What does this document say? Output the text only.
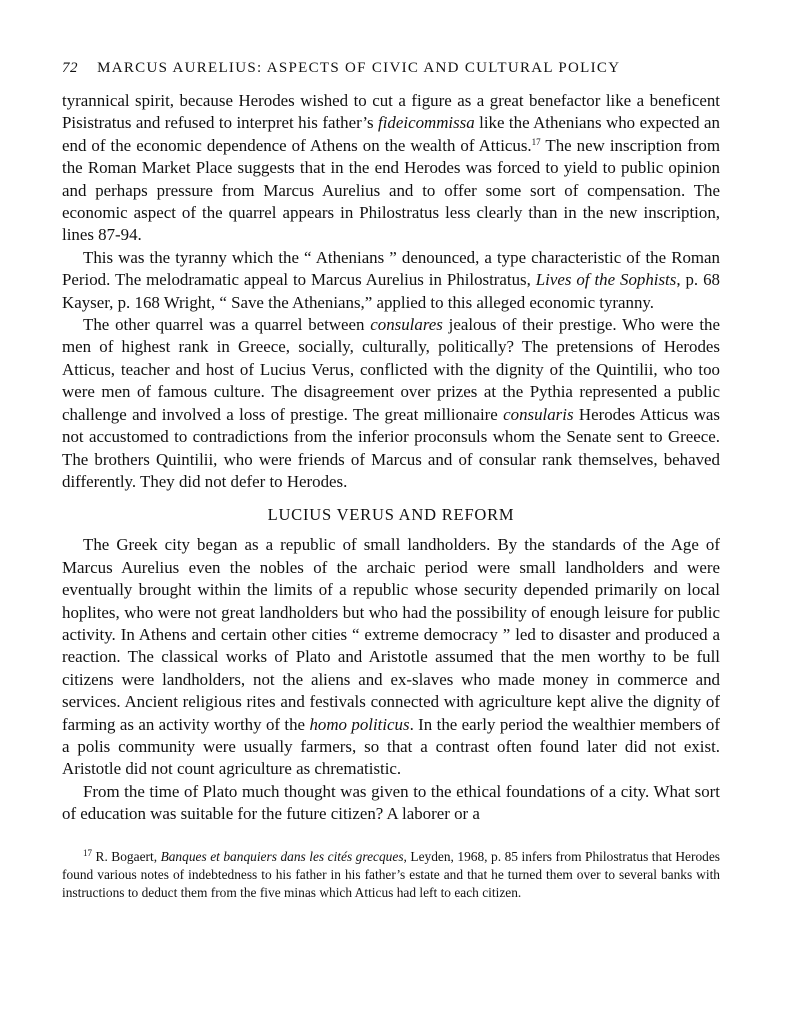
72 MARCUS AURELIUS: ASPECTS OF CIVIC AND CULTURAL POLICY

tyrannical spirit, because Herodes wished to cut a figure as a great benefactor like a beneficent Pisistratus and refused to interpret his father’s fideicommissa like the Athenians who expected an end of the economic dependence of Athens on the wealth of Atticus.$^{17}$ The new inscription from the Roman Market Place suggests that in the end Herodes was forced to yield to public opinion and perhaps pressure from Marcus Aurelius and to offer some sort of compensation. The economic aspect of the quarrel appears in Philostratus less clearly than in the new inscription, lines 87-94.

This was the tyranny which the “ Athenians ” denounced, a type characteristic of the Roman Period. The melodramatic appeal to Marcus Aurelius in Philostratus, Lives of the Sophists, p. 68 Kayser, p. 168 Wright, “ Save the Athenians,” applied to this alleged economic tyranny.

The other quarrel was a quarrel between consulares jealous of their prestige. Who were the men of highest rank in Greece, socially, culturally, politically? The pretensions of Herodes Atticus, teacher and host of Lucius Verus, conflicted with the dignity of the Quintilii, who too were men of famous culture. The disagreement over prizes at the Pythia represented a public challenge and involved a loss of prestige. The great millionaire consularis Herodes Atticus was not accustomed to contradictions from the inferior proconsuls whom the Senate sent to Greece. The brothers Quintilii, who were friends of Marcus and of consular rank themselves, behaved differently. They did not defer to Herodes.

LUCIUS VERUS AND REFORM

The Greek city began as a republic of small landholders. By the standards of the Age of Marcus Aurelius even the nobles of the archaic period were small landholders and were eventually brought within the limits of a republic whose security depended primarily on local hoplites, who were not great landholders but who had the possibility of enough leisure for public activity. In Athens and certain other cities “ extreme democracy ” led to disaster and produced a reaction. The classical works of Plato and Aristotle assumed that the men worthy to be full citizens were landholders, not the aliens and ex-slaves who made money in commerce and services. Ancient religious rites and festivals connected with agriculture kept alive the dignity of farming as an activity worthy of the homo politicus. In the early period the wealthier members of a polis community were usually farmers, so that a contrast often found later did not exist. Aristotle did not count agriculture as chrematistic.

From the time of Plato much thought was given to the ethical foundations of a city. What sort of education was suitable for the future citizen? A laborer or a

$^{17}$ R. Bogaert, Banques et banquiers dans les cités grecques, Leyden, 1968, p. 85 infers from Philostratus that Herodes found various notes of indebtedness to his father in his father’s estate and that he turned them over to several banks with instructions to deduct them from the five minas which Atticus had left to each citizen.
